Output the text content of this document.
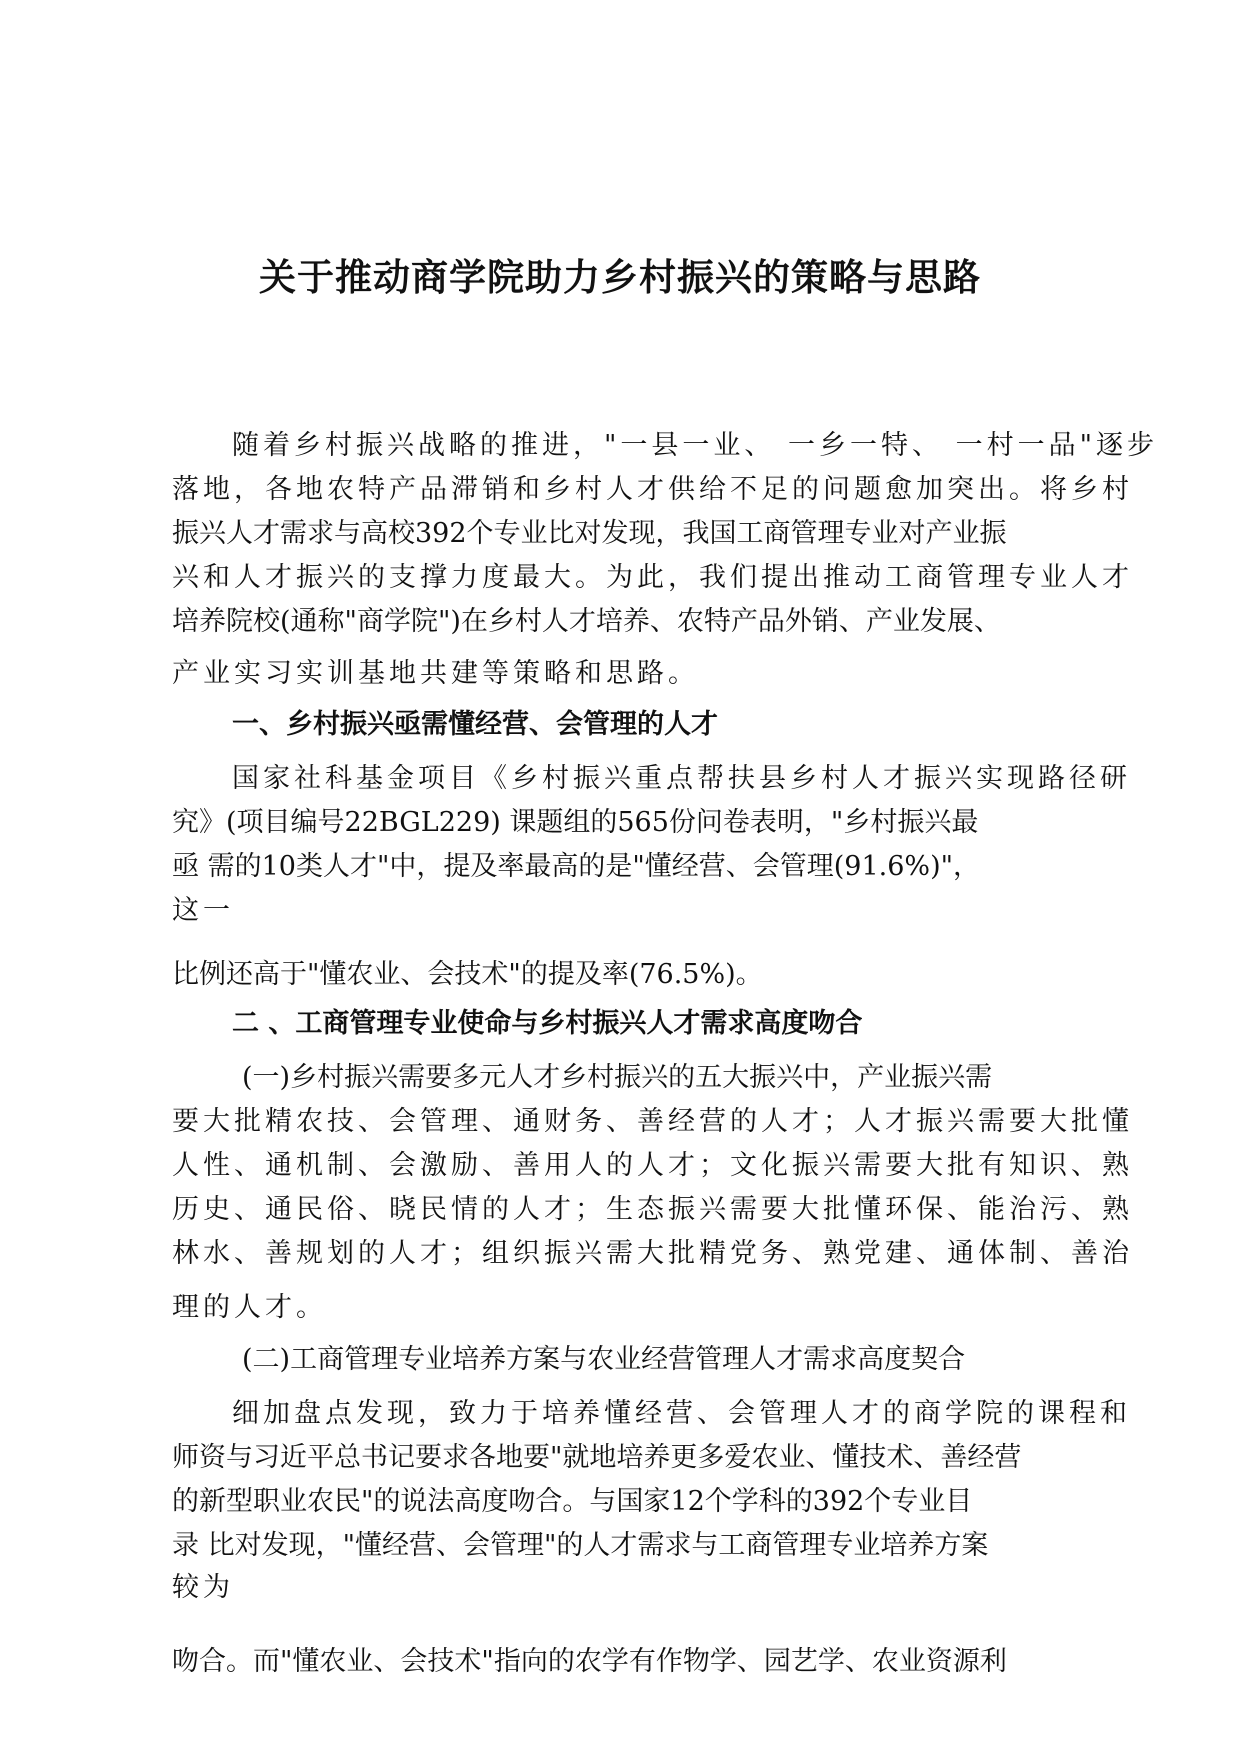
关于推动商学院助力乡村振兴的策略与思路
随着乡村振兴战略的推进，"一县一业、 一乡一特、 一村一品"逐步
落地，各地农特产品滞销和乡村人才供给不足的问题愈加突出。将乡村
振兴人才需求与高校392个专业比对发现，我国工商管理专业对产业振
兴和人才振兴的支撑力度最大。为此，我们提出推动工商管理专业人才
培养院校(通称"商学院")在乡村人才培养、农特产品外销、产业发展、
产业实习实训基地共建等策略和思路。
一、乡村振兴亟需懂经营、会管理的人才
国家社科基金项目《乡村振兴重点帮扶县乡村人才振兴实现路径研
究》(项目编号22BGL229) 课题组的565份问卷表明，"乡村振兴最
亟 需的10类人才"中，提及率最高的是"懂经营、会管理(91.6%)"，
这一
比例还高于"懂农业、会技术"的提及率(76.5%)。
二 、工商管理专业使命与乡村振兴人才需求高度吻合
(一)乡村振兴需要多元人才乡村振兴的五大振兴中，产业振兴需
要大批精农技、会管理、通财务、善经营的人才；人才振兴需要大批懂
人性、通机制、会激励、善用人的人才；文化振兴需要大批有知识、熟
历史、通民俗、晓民情的人才；生态振兴需要大批懂环保、能治污、熟
林水、善规划的人才；组织振兴需大批精党务、熟党建、通体制、善治
理的人才。
(二)工商管理专业培养方案与农业经营管理人才需求高度契合
细加盘点发现，致力于培养懂经营、会管理人才的商学院的课程和
师资与习近平总书记要求各地要"就地培养更多爱农业、懂技术、善经营
的新型职业农民"的说法高度吻合。与国家12个学科的392个专业目
录 比对发现，"懂经营、会管理"的人才需求与工商管理专业培养方案
较为
吻合。而"懂农业、会技术"指向的农学有作物学、园艺学、农业资源利
